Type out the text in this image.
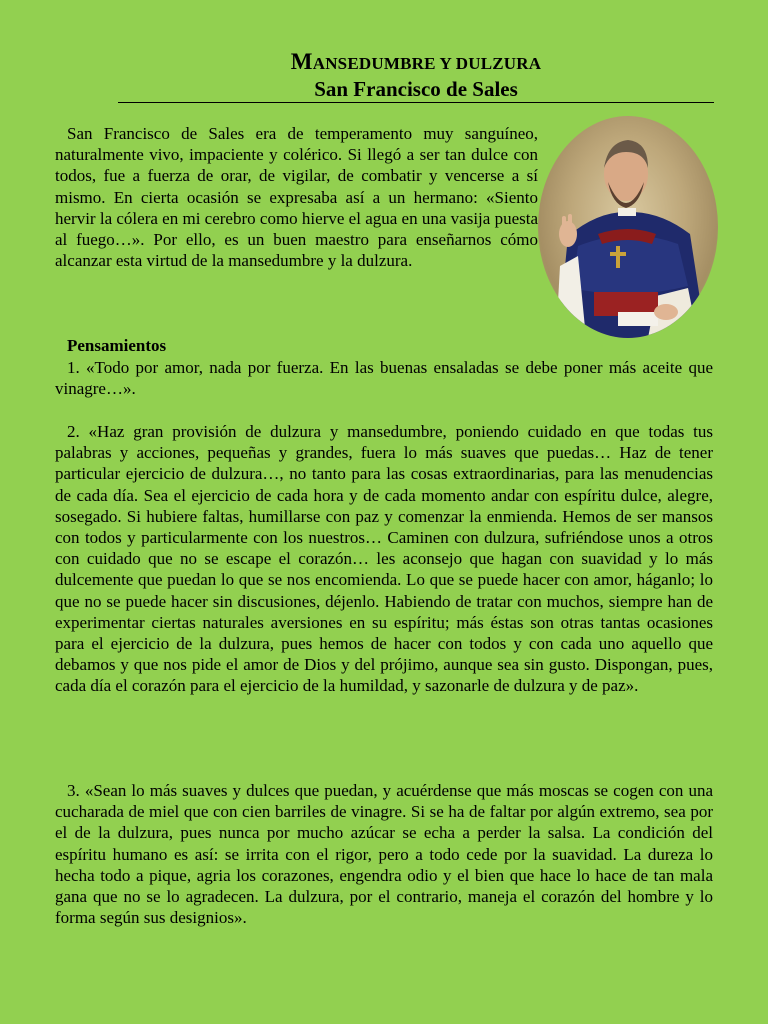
MANSEDUMBRE Y DULZURA
San Francisco de Sales

San Francisco de Sales era de temperamento muy sanguíneo, naturalmente vivo, impaciente y colérico. Si llegó a ser tan dulce con todos, fue a fuerza de orar, de vigilar, de combatir y vencerse a sí mismo. En cierta ocasión se expresaba así a un hermano: «Siento hervir la cólera en mi cerebro como hierve el agua en una vasija puesta al fuego…». Por ello, es un buen maestro para enseñarnos cómo alcanzar esta virtud de la mansedumbre y la dulzura.

Pensamientos

1. «Todo por amor, nada por fuerza. En las buenas ensaladas se debe poner más aceite que vinagre…».

2. «Haz gran provisión de dulzura y mansedumbre, poniendo cuidado en que todas tus palabras y acciones, pequeñas y grandes, fuera lo más suaves que puedas… Haz de tener particular ejercicio de dulzura…, no tanto para las cosas extraordinarias, para las menudencias de cada día. Sea el ejercicio de cada hora y de cada momento andar con espíritu dulce, alegre, sosegado. Si hubiere faltas, humillarse con paz y comenzar la enmienda. Hemos de ser mansos con todos y particularmente con los nuestros… Caminen con dulzura, sufriéndose unos a otros con cuidado que no se escape el corazón… les aconsejo que hagan con suavidad y lo más dulcemente que puedan lo que se nos encomienda. Lo que se puede hacer con amor, háganlo; lo que no se puede hacer sin discusiones, déjenlo. Habiendo de tratar con muchos, siempre han de experimentar ciertas naturales aversiones en su espíritu; más éstas son otras tantas ocasiones para el ejercicio de la dulzura, pues hemos de hacer con todos y con cada uno aquello que debamos y que nos pide el amor de Dios y del prójimo, aunque sea sin gusto. Dispongan, pues, cada día el corazón para el ejercicio de la humildad, y sazonarle de dulzura y de paz».

3. «Sean lo más suaves y dulces que puedan, y acuérdense que más moscas se cogen con una cucharada de miel que con cien barriles de vinagre. Si se ha de faltar por algún extremo, sea por el de la dulzura, pues nunca por mucho azúcar se echa a perder la salsa. La condición del espíritu humano es así: se irrita con el rigor, pero a todo cede por la suavidad. La dureza lo hecha todo a pique, agria los corazones, engendra odio y el bien que hace lo hace de tan mala gana que no se lo agradecen. La dulzura, por el contrario, maneja el corazón del hombre y lo forma según sus designios».
